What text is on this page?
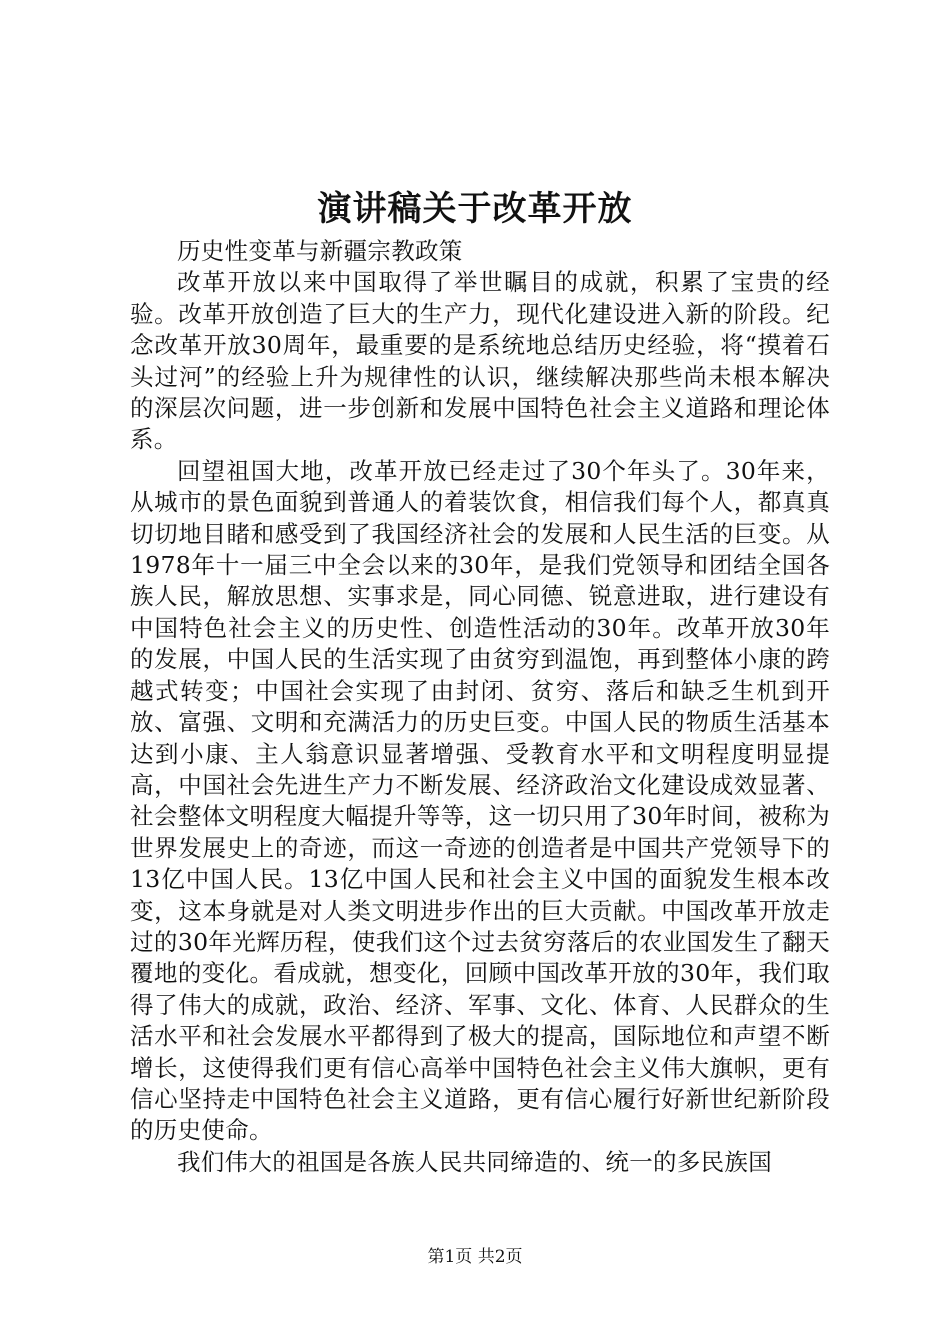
演讲稿关于改革开放

历史性变革与新疆宗教政策

改革开放以来中国取得了举世瞩目的成就，积累了宝贵的经验。改革开放创造了巨大的生产力，现代化建设进入新的阶段。纪念改革开放30周年，最重要的是系统地总结历史经验，将“摸着石头过河”的经验上升为规律性的认识，继续解决那些尚未根本解决的深层次问题，进一步创新和发展中国特色社会主义道路和理论体系。

回望祖国大地，改革开放已经走过了30个年头了。30年来，从城市的景色面貌到普通人的着装饮食，相信我们每个人，都真真切切地目睹和感受到了我国经济社会的发展和人民生活的巨变。从1978年十一届三中全会以来的30年，是我们党领导和团结全国各族人民，解放思想、实事求是，同心同德、锐意进取，进行建设有中国特色社会主义的历史性、创造性活动的30年。改革开放30年的发展，中国人民的生活实现了由贫穷到温饱，再到整体小康的跨越式转变；中国社会实现了由封闭、贫穷、落后和缺乏生机到开放、富强、文明和充满活力的历史巨变。中国人民的物质生活基本达到小康、主人翁意识显著增强、受教育水平和文明程度明显提高，中国社会先进生产力不断发展、经济政治文化建设成效显著、社会整体文明程度大幅提升等等，这一切只用了30年时间，被称为世界发展史上的奇迹，而这一奇迹的创造者是中国共产党领导下的13亿中国人民。13亿中国人民和社会主义中国的面貌发生根本改变，这本身就是对人类文明进步作出的巨大贡献。中国改革开放走过的30年光辉历程，使我们这个过去贫穷落后的农业国发生了翻天覆地的变化。看成就，想变化，回顾中国改革开放的30年，我们取得了伟大的成就，政治、经济、军事、文化、体育、人民群众的生活水平和社会发展水平都得到了极大的提高，国际地位和声望不断增长，这使得我们更有信心高举中国特色社会主义伟大旗帜，更有信心坚持走中国特色社会主义道路，更有信心履行好新世纪新阶段的历史使命。

我们伟大的祖国是各族人民共同缔造的、统一的多民族国

第1页 共2页
